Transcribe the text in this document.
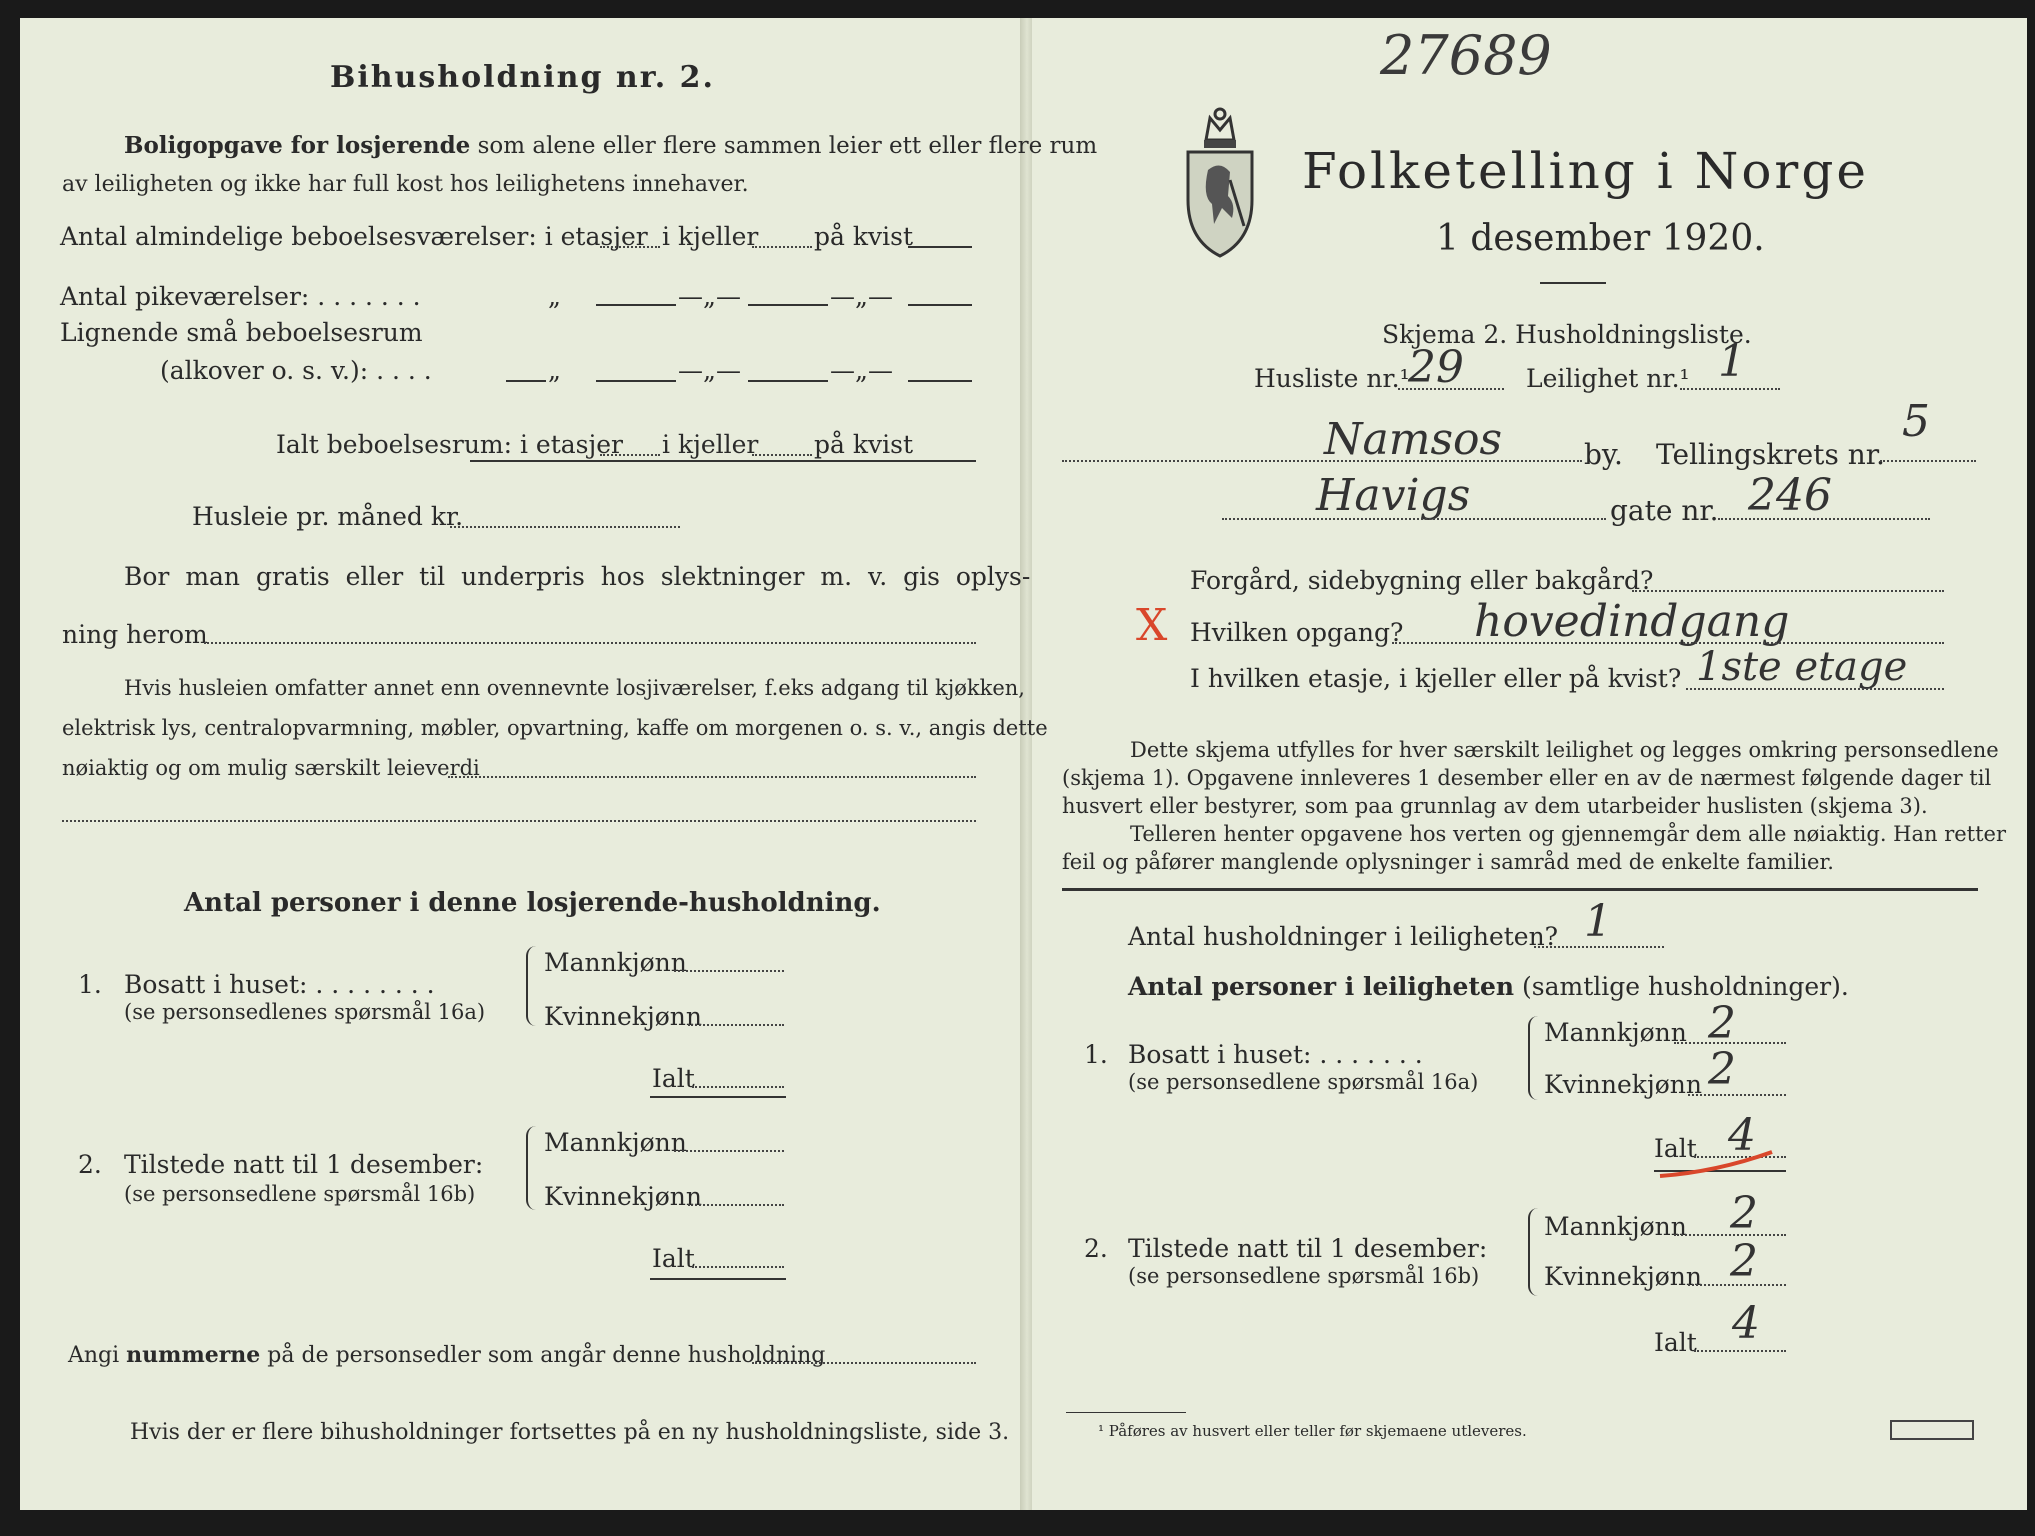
Bihusholdning nr. 2.
Boligopgave for losjerende som alene eller flere sammen leier ett eller flere rum
av leiligheten og ikke har full kost hos leilighetens innehaver.
Antal almindelige beboelsesværelser: i etasjer i kjeller på kvist
Antal pikeværelser: . . . . . . .	„	—„—	—„—
Lignende små beboelsesrum
(alkover o. s. v.): . . . .	„	—„—	—„—
Ialt beboelsesrum: i etasjer i kjeller på kvist
Husleie pr. måned kr.
Bor man gratis eller til underpris hos slektninger m. v. gis oplys-
ning herom
Hvis husleien omfatter annet enn ovennevnte losjiværelser, f.eks adgang til kjøkken,
elektrisk lys, centralopvarmning, møbler, opvartning, kaffe om morgenen o. s. v., angis dette
nøiaktig og om mulig særskilt leieverdi
Antal personer i denne losjerende-husholdning.
1. Bosatt i huset: . . . . . . . .
(se personsedlenes spørsmål 16a)
Mannkjønn
Kvinnekjønn
Ialt
2. Tilstede natt til 1 desember:
(se personsedlene spørsmål 16b)
Mannkjønn
Kvinnekjønn
Ialt
Angi nummerne på de personsedler som angår denne husholdning
Hvis der er flere bihusholdninger fortsettes på en ny husholdningsliste, side 3.
27689
Folketelling i Norge
1 desember 1920.
Skjema 2. Husholdningsliste.
Husliste nr.¹
29 Leilighet nr.¹ 1
Namsos	by. Tellingskrets nr.
5
Havigs	gate nr. 246
Forgård, sidebygning eller bakgård?
X Hvilken opgang? hovedindgang
I hvilken etasje, i kjeller eller på kvist? 1ste etage
Dette skjema utfylles for hver særskilt leilighet og legges omkring personsedlene
(skjema 1). Opgavene innleveres 1 desember eller en av de nærmest følgende dager til
husvert eller bestyrer, som paa grunnlag av dem utarbeider huslisten (skjema 3).
Telleren henter opgavene hos verten og gjennemgår dem alle nøiaktig. Han retter
feil og påfører manglende oplysninger i samråd med de enkelte familier.
Antal husholdninger i leiligheten? 1
Antal personer i leiligheten (samtlige husholdninger).
1. Bosatt i huset: . . . . . . .
(se personsedlene spørsmål 16a)
Mannkjønn 2
Kvinnekjønn 2
Ialt 4
2. Tilstede natt til 1 desember:
(se personsedlene spørsmål 16b)
Mannkjønn 2
Kvinnekjønn 2
Ialt 4
¹ Påføres av husvert eller teller før skjemaene utleveres.
